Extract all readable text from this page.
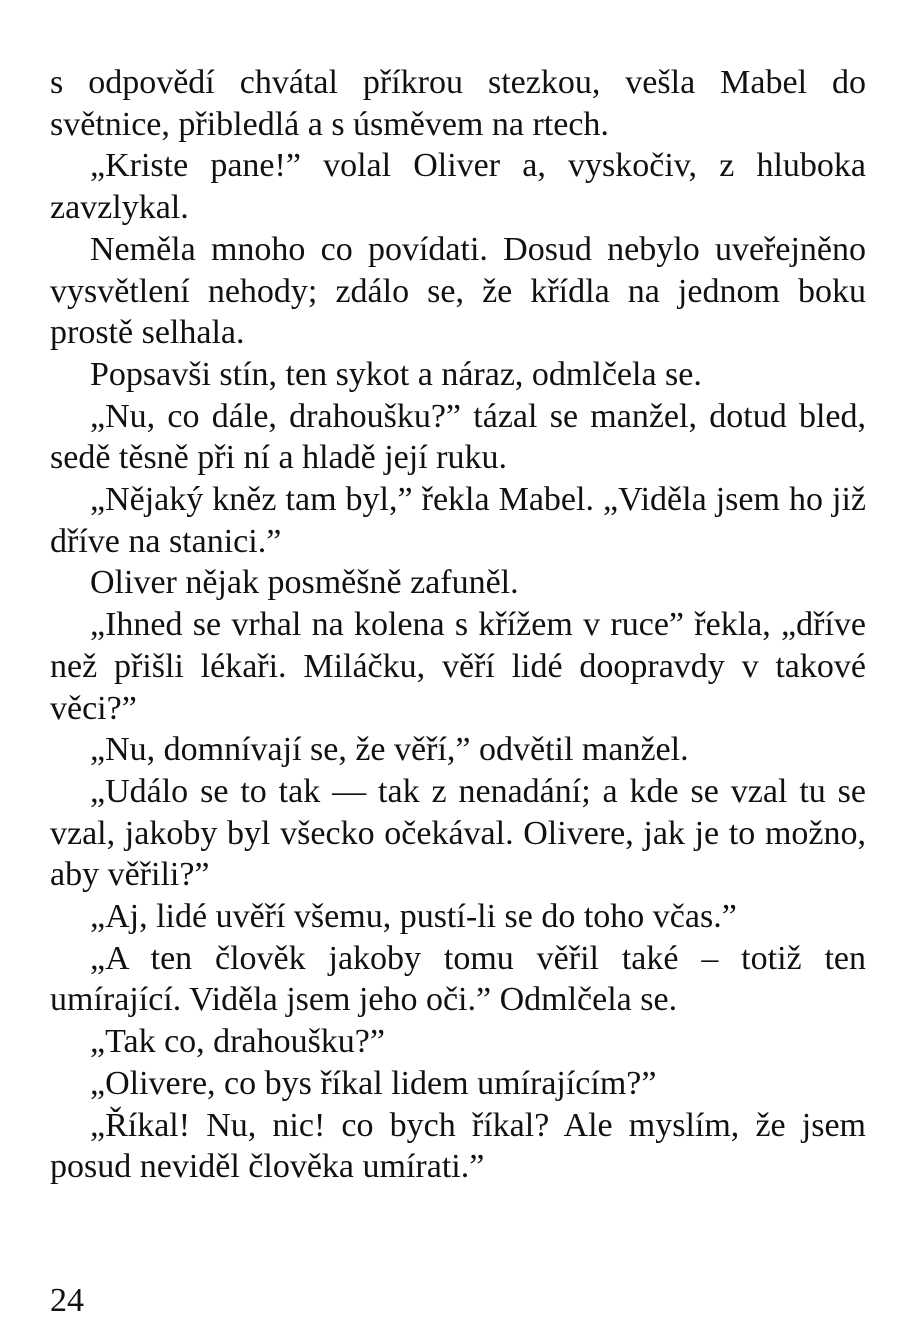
s odpovědí chvátal příkrou stezkou, vešla Mabel do světnice, přibledlá a s úsměvem na rtech.

„Kriste pane!” volal Oliver a, vyskočiv, z hluboka zavzlykal.

Neměla mnoho co povídati. Dosud nebylo uveřejněno vysvětlení nehody; zdálo se, že křídla na jednom boku prostě selhala.

Popsavši stín, ten sykot a náraz, odmlčela se.

„Nu, co dále, drahoušku?” tázal se manžel, dotud bled, sedě těsně při ní a hladě její ruku.

„Nějaký kněz tam byl,” řekla Mabel. „Viděla jsem ho již dříve na stanici.”

Oliver nějak posměšně zafuněl.

„Ihned se vrhal na kolena s křížem v ruce” řekla, „dříve než přišli lékaři. Miláčku, věří lidé doopravdy v takové věci?”

„Nu, domnívají se, že věří,” odvětil manžel.

„Událo se to tak — tak z nenadání; a kde se vzal tu se vzal, jakoby byl všecko očekával. Olivere, jak je to možno, aby věřili?”

„Aj, lidé uvěří všemu, pustí-li se do toho včas.”

„A ten člověk jakoby tomu věřil také – totiž ten umírající. Viděla jsem jeho oči.” Odmlčela se.

„Tak co, drahoušku?”

„Olivere, co bys říkal lidem umírajícím?”

„Říkal! Nu, nic! co bych říkal? Ale myslím, že jsem posud neviděl člověka umírati.”

24
